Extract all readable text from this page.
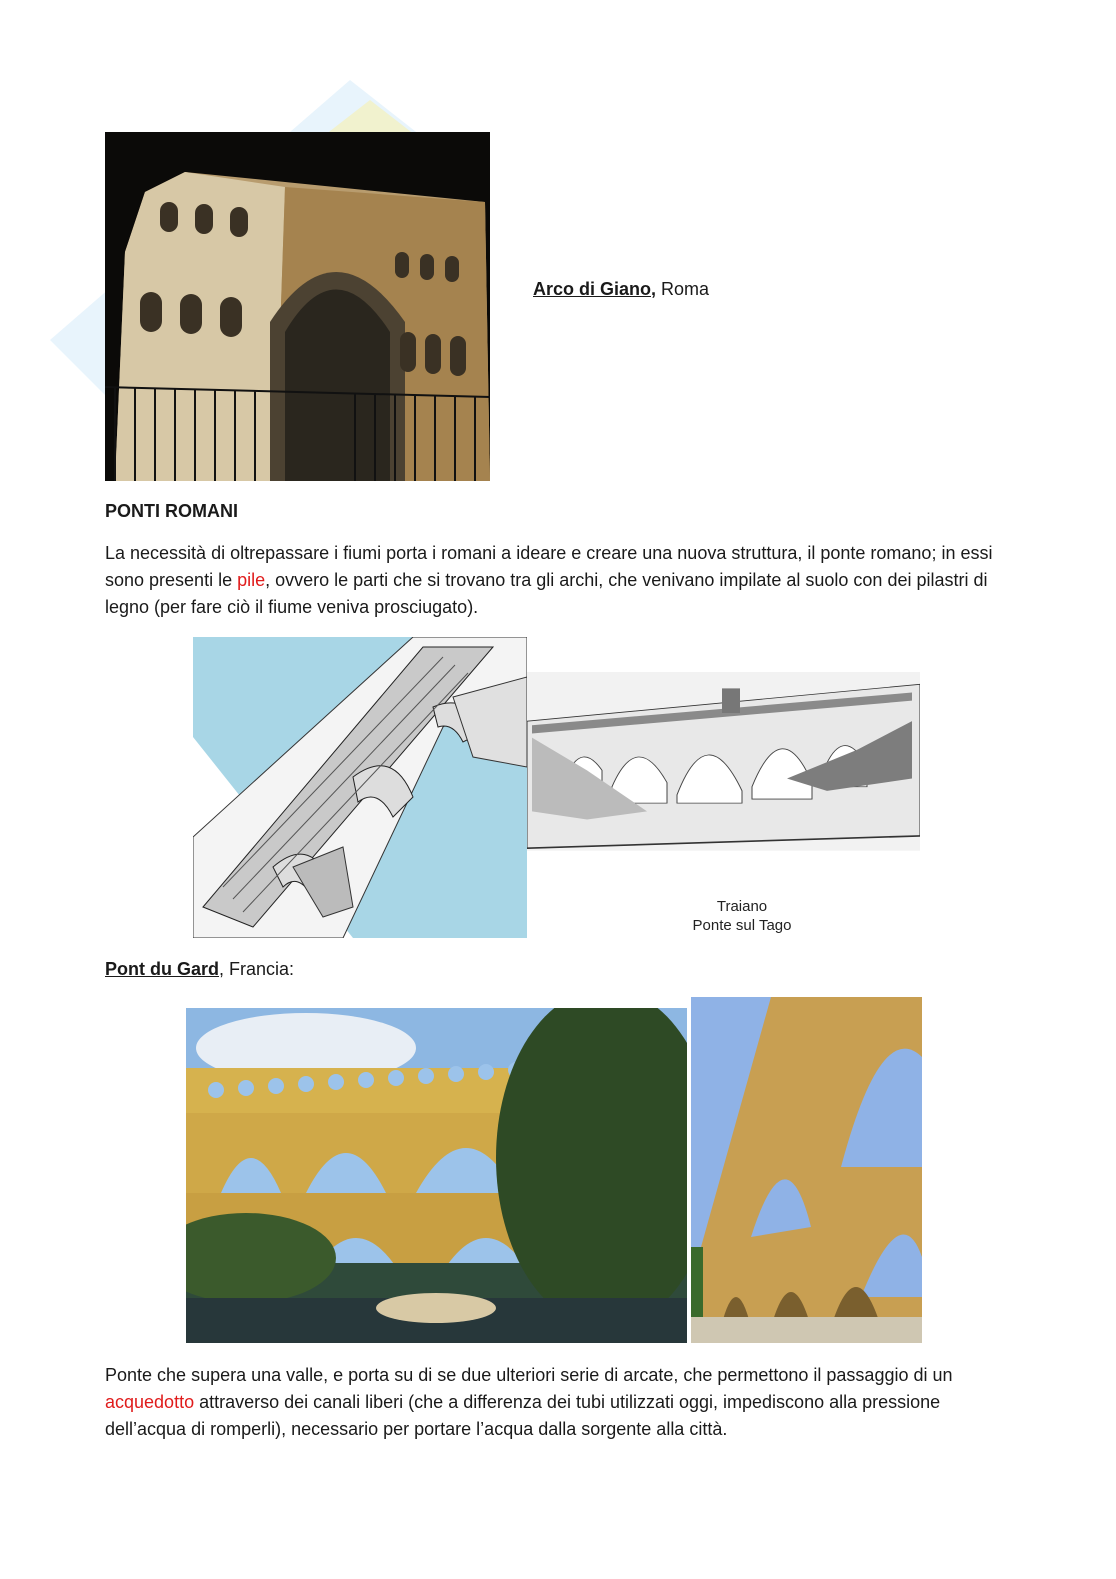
Arco di Giano, Roma
PONTI ROMANI
La necessità di oltrepassare i fiumi porta i romani a ideare e creare una nuova struttura, il ponte romano; in essi sono presenti le pile, ovvero le parti che si trovano tra gli archi, che venivano impilate al suolo con dei pilastri di legno (per fare ciò il fiume veniva prosciugato).
Traiano
Ponte sul Tago
Pont du Gard, Francia:
Ponte che supera una valle, e porta su di se due ulteriori serie di arcate, che permettono il passaggio di un acquedotto attraverso dei canali liberi (che a differenza dei tubi utilizzati oggi, impediscono alla pressione dell’acqua di romperli), necessario per portare l’acqua dalla sorgente alla città.
